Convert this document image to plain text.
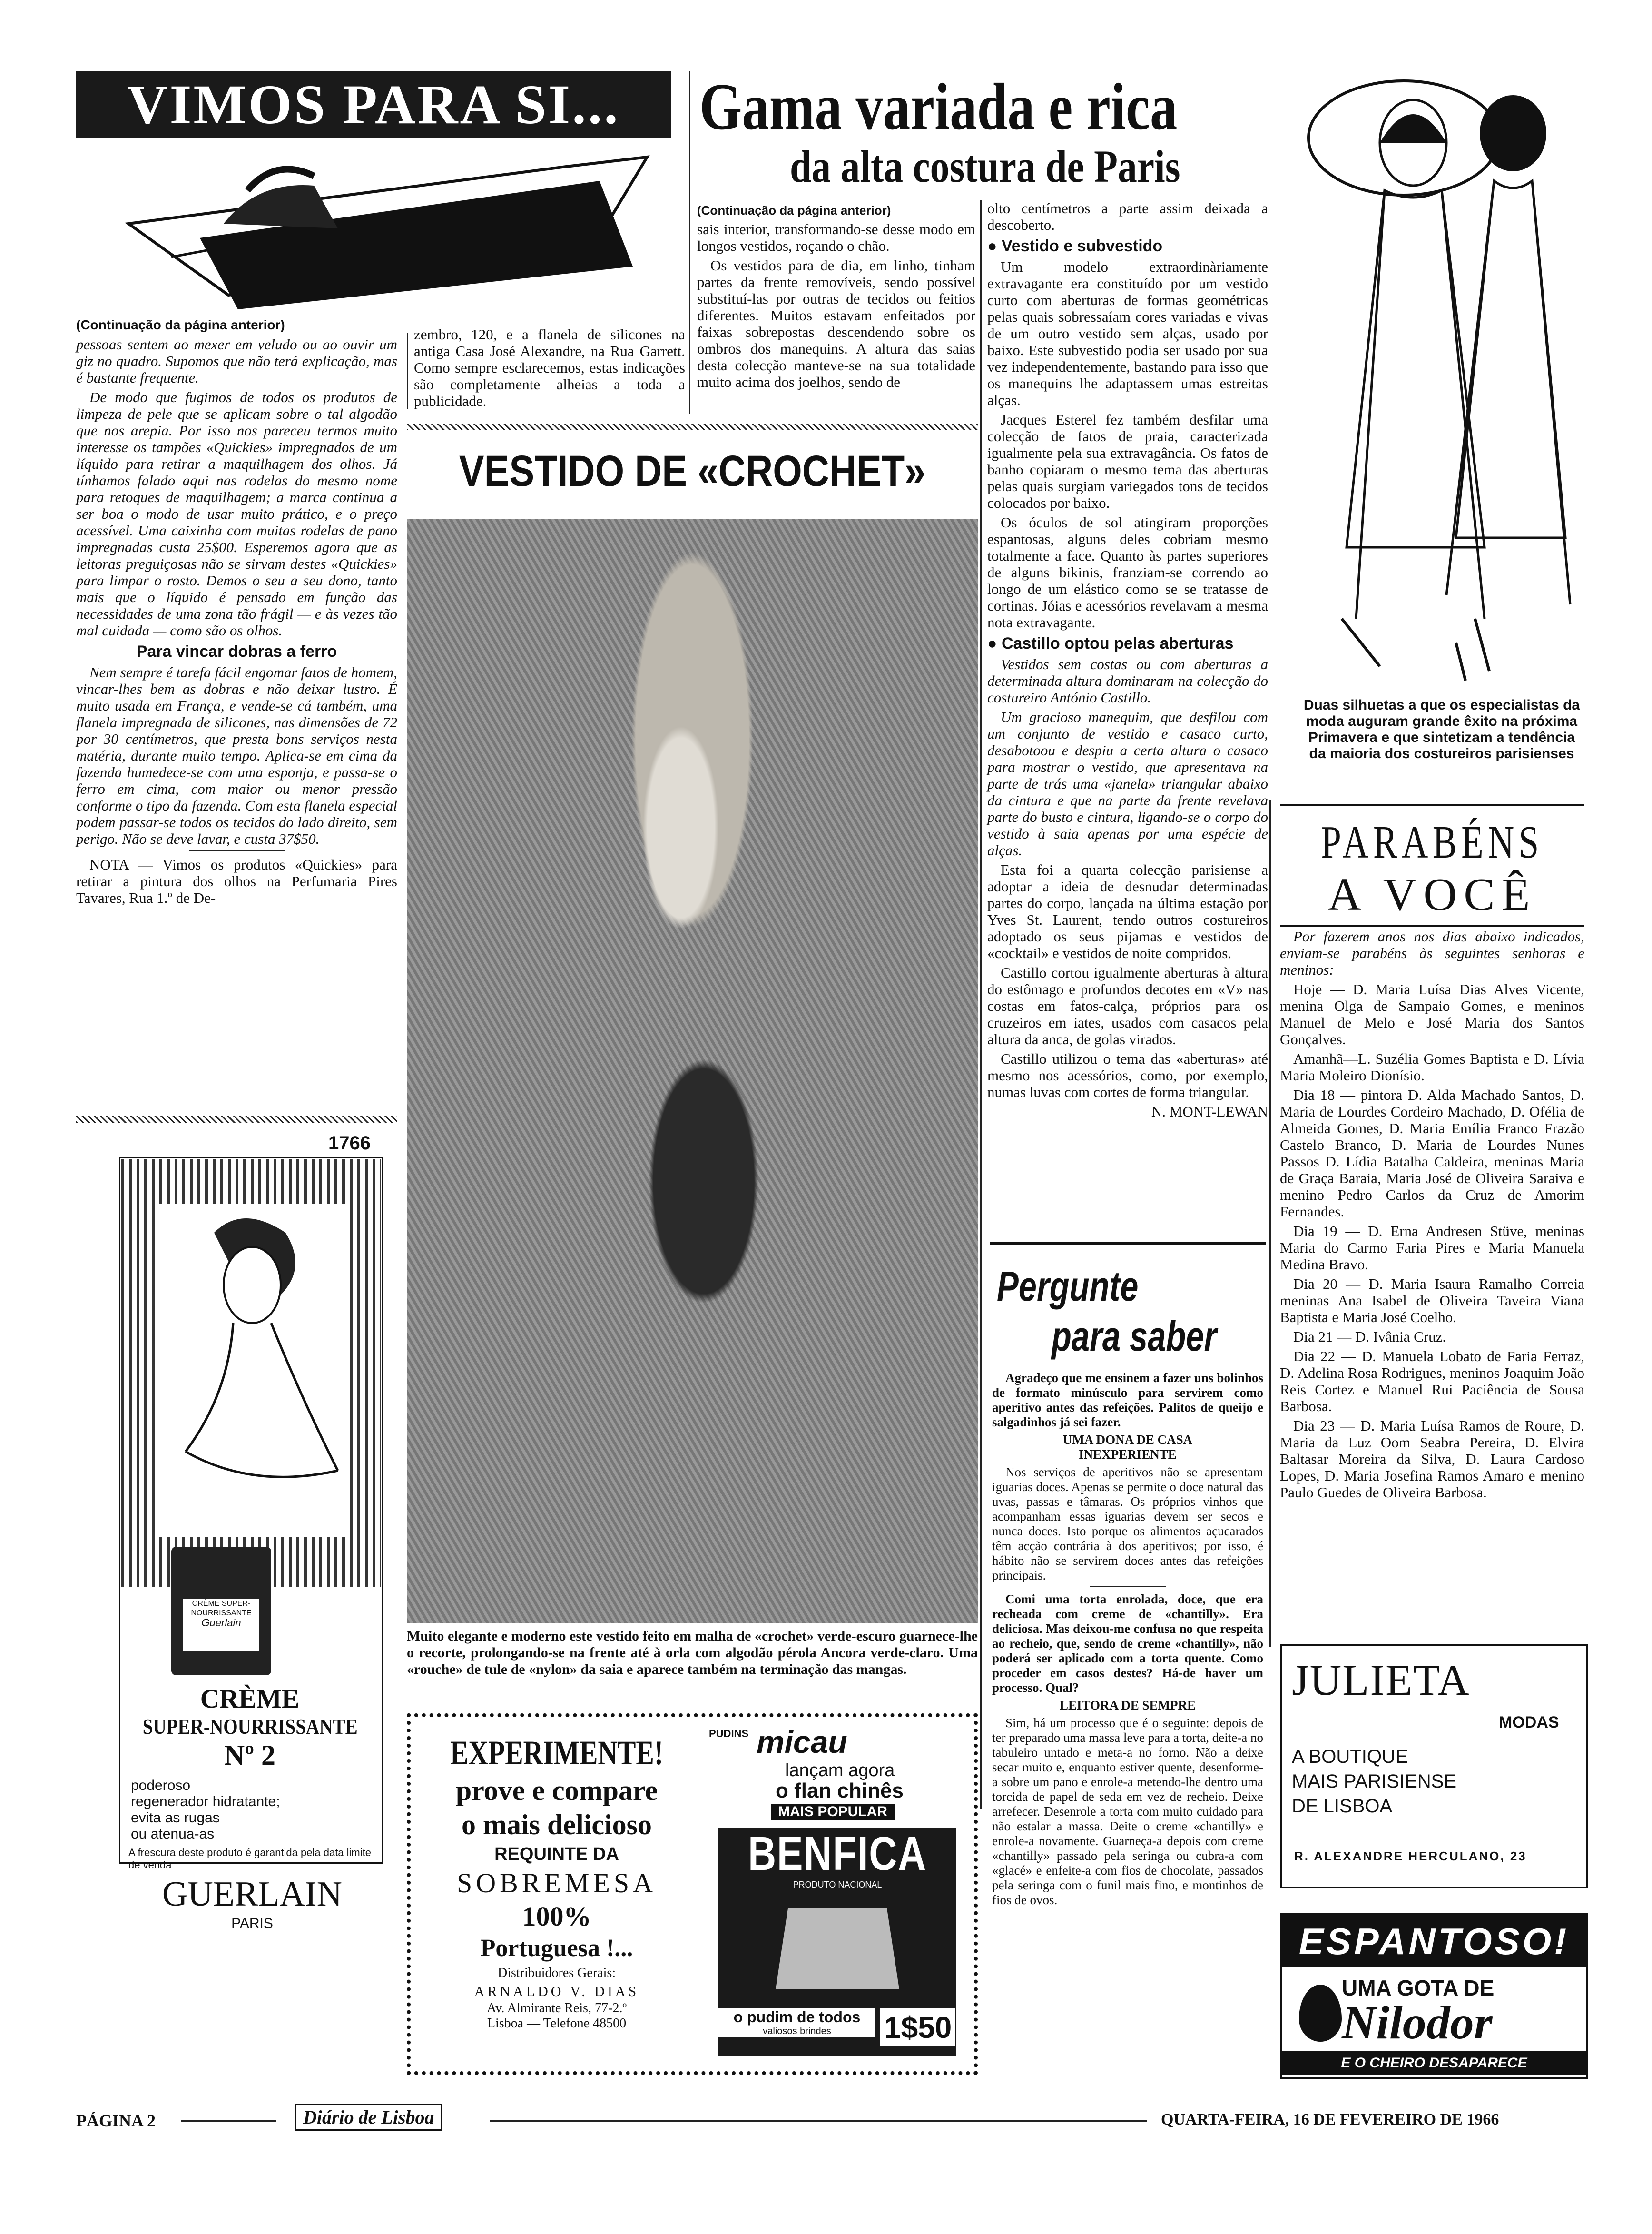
VIMOS PARA SI...
(Continuação da página anterior)

pessoas sentem ao mexer em veludo ou ao ouvir um giz no quadro. Supomos que não terá explicação, mas é bastante frequente.

De modo que fugimos de todos os produtos de limpeza de pele que se aplicam sobre o tal algodão que nos arepia. Por isso nos pareceu termos muito interesse os tampões «Quickies» impregnados de um líquido para retirar a maquilhagem dos olhos. Já tínhamos falado aqui nas rodelas do mesmo nome para retoques de maquilhagem; a marca continua a ser boa o modo de usar muito prático, e o preço acessível. Uma caixinha com muitas rodelas de pano impregnadas custa 25$00. Esperemos agora que as leitoras preguiçosas não se sirvam destes «Quickies» para limpar o rosto. Demos o seu a seu dono, tanto mais que o líquido é pensado em função das necessidades de uma zona tão frágil — e às vezes tão mal cuidada — como são os olhos.

Para vincar dobras a ferro

Nem sempre é tarefa fácil engomar fatos de homem, vincar-lhes bem as dobras e não deixar lustro. É muito usada em França, e vende-se cá também, uma flanela impregnada de silicones, nas dimensões de 72 por 30 centímetros, que presta bons serviços nesta matéria, durante muito tempo. Aplica-se em cima da fazenda humedece-se com uma esponja, e passa-se o ferro em cima, com maior ou menor pressão conforme o tipo da fazenda. Com esta flanela especial podem passar-se todos os tecidos do lado direito, sem perigo. Não se deve lavar, e custa 37$50.

NOTA — Vimos os produtos «Quickies» para retirar a pintura dos olhos na Perfumaria Pires Tavares, Rua 1.º de De-

zembro, 120, e a flanela de silicones na antiga Casa José Alexandre, na Rua Garrett. Como sempre esclarecemos, estas indicações são completamente alheias a toda a publicidade.

Gama variada e rica
da alta costura de Paris
(Continuação da página anterior)

sais interior, transformando-se desse modo em longos vestidos, roçando o chão.

Os vestidos para de dia, em linho, tinham partes da frente removíveis, sendo possível substituí-las por outras de tecidos ou feitios diferentes. Muitos estavam enfeitados por faixas sobrepostas descendendo sobre os ombros dos manequins. A altura das saias desta colecção manteve-se na sua totalidade muito acima dos joelhos, sendo de

olto centímetros a parte assim deixada a descoberto.

● Vestido e subvestido

Um modelo extraordinàriamente extravagante era constituído por um vestido curto com aberturas de formas geométricas pelas quais sobressaíam cores variadas e vivas de um outro vestido sem alças, usado por baixo. Este subvestido podia ser usado por sua vez independentemente, bastando para isso que os manequins lhe adaptassem umas estreitas alças.

Jacques Esterel fez também desfilar uma colecção de fatos de praia, caracterizada igualmente pela sua extravagância. Os fatos de banho copiaram o mesmo tema das aberturas pelas quais surgiam variegados tons de tecidos colocados por baixo.

Os óculos de sol atingiram proporções espantosas, alguns deles cobriam mesmo totalmente a face. Quanto às partes superiores de alguns bikinis, franziam-se correndo ao longo de um elástico como se se tratasse de cortinas. Jóias e acessórios revelavam a mesma nota extravagante.

● Castillo optou pelas aberturas

Vestidos sem costas ou com aberturas a determinada altura dominaram na colecção do costureiro António Castillo.

Um gracioso manequim, que desfilou com um conjunto de vestido e casaco curto, desabotoou e despiu a certa altura o casaco para mostrar o vestido, que apresentava na parte de trás uma «janela» triangular abaixo da cintura e que na parte da frente revelava parte do busto e cintura, ligando-se o corpo do vestido à saia apenas por uma espécie de alças.

Esta foi a quarta colecção parisiense a adoptar a ideia de desnudar determinadas partes do corpo, lançada na última estação por Yves St. Laurent, tendo outros costureiros adoptado os seus pijamas e vestidos de «cocktail» e vestidos de noite compridos.

Castillo cortou igualmente aberturas à altura do estômago e profundos decotes em «V» nas costas em fatos-calça, próprios para os cruzeiros em iates, usados com casacos pela altura da anca, de golas virados.

Castillo utilizou o tema das «aberturas» até mesmo nos acessórios, como, por exemplo, numas luvas com cortes de forma triangular.

N. MONT-LEWAN
VESTIDO DE «CROCHET»

Muito elegante e moderno este vestido feito em malha de «crochet» verde-escuro guarnece-lhe o recorte, prolongando-se na frente até à orla com algodão pérola Ancora verde-claro. Uma «rouche» de tule de «nylon» da saia e aparece também na terminação das mangas.

Duas silhuetas a que os especialistas da moda auguram grande êxito na próxima Primavera e que sintetizam a tendência da maioria dos costureiros parisienses

PARABÉNS
A VOCÊ

Por fazerem anos nos dias abaixo indicados, enviam-se parabéns às seguintes senhoras e meninos:

Hoje — D. Maria Luísa Dias Alves Vicente, menina Olga de Sampaio Gomes, e meninos Manuel de Melo e José Maria dos Santos Gonçalves.

Amanhã—L. Suzélia Gomes Baptista e D. Lívia Maria Moleiro Dionísio.

Dia 18 — pintora D. Alda Machado Santos, D. Maria de Lourdes Cordeiro Machado, D. Ofélia de Almeida Gomes, D. Maria Emília Franco Frazão Castelo Branco, D. Maria de Lourdes Nunes Passos D. Lídia Batalha Caldeira, meninas Maria de Graça Baraia, Maria José de Oliveira Saraiva e menino Pedro Carlos da Cruz de Amorim Fernandes.

Dia 19 — D. Erna Andresen Stüve, meninas Maria do Carmo Faria Pires e Maria Manuela Medina Bravo.

Dia 20 — D. Maria Isaura Ramalho Correia meninas Ana Isabel de Oliveira Taveira Viana Baptista e Maria José Coelho.

Dia 21 — D. Ivânia Cruz.

Dia 22 — D. Manuela Lobato de Faria Ferraz, D. Adelina Rosa Rodrigues, meninos Joaquim João Reis Cortez e Manuel Rui Paciência de Sousa Barbosa.

Dia 23 — D. Maria Luísa Ramos de Roure, D. Maria da Luz Oom Seabra Pereira, D. Elvira Baltasar Moreira da Silva, D. Laura Cardoso Lopes, D. Maria Josefina Ramos Amaro e menino Paulo Guedes de Oliveira Barbosa.

Pergunte
para saber

Agradeço que me ensinem a fazer uns bolinhos de formato minúsculo para servirem como aperitivo antes das refeições. Palitos de queijo e salgadinhos já sei fazer.

UMA DONA DE CASA
INEXPERIENTE

Nos serviços de aperitivos não se apresentam iguarias doces. Apenas se permite o doce natural das uvas, passas e tâmaras. Os próprios vinhos que acompanham essas iguarias devem ser secos e nunca doces. Isto porque os alimentos açucarados têm acção contrária à dos aperitivos; por isso, é hábito não se servirem doces antes das refeições principais.

Comi uma torta enrolada, doce, que era recheada com creme de «chantilly». Era deliciosa. Mas deixou-me confusa no que respeita ao recheio, que, sendo de creme «chantilly», não poderá ser aplicado com a torta quente. Como proceder em casos destes? Há-de haver um processo. Qual?

LEITORA DE SEMPRE

Sim, há um processo que é o seguinte: depois de ter preparado uma massa leve para a torta, deite-a no tabuleiro untado e meta-a no forno. Não a deixe secar muito e, enquanto estiver quente, desenforme-a sobre um pano e enrole-a metendo-lhe dentro uma torcida de papel de seda em vez de recheio. Deixe arrefecer. Desenrole a torta com muito cuidado para não estalar a massa. Deite o creme «chantilly» e enrole-a novamente. Guarneça-a depois com creme «chantilly» passado pela seringa ou cubra-a com «glacé» e enfeite-a com fios de chocolate, passados pela seringa com o funil mais fino, e montinhos de fios de ovos.

1766
CRÈME SUPER-
NOURRISSANTE
Guerlain
CRÈME
SUPER-NOURRISSANTE
Nº 2
poderoso
regenerador hidratante;
evita as rugas
ou atenua-as
A frescura deste produto é garantida pela data limite de venda
GUERLAIN
PARIS
EXPERIMENTE!
prove e compare
o mais delicioso
REQUINTE DA
SOBREMESA
100%
Portuguesa !...
Distribuidores Gerais:
ARNALDO V. DIAS
Av. Almirante Reis, 77-2.º
Lisboa — Telefone 48500
PUDINS micau
lançam agora
o flan chinês
MAIS POPULAR
BENFICA
PRODUTO NACIONAL
o pudim de todos
valiosos brindes	1$50
JULIETA
MODAS
A BOUTIQUE
MAIS PARISIENSE
DE LISBOA
R. ALEXANDRE HERCULANO, 23
ESPANTOSO!
UMA GOTA DE
Nilodor
E O CHEIRO DESAPARECE
PÁGINA 2	Diário de Lisboa	QUARTA-FEIRA, 16 DE FEVEREIRO DE 1966
